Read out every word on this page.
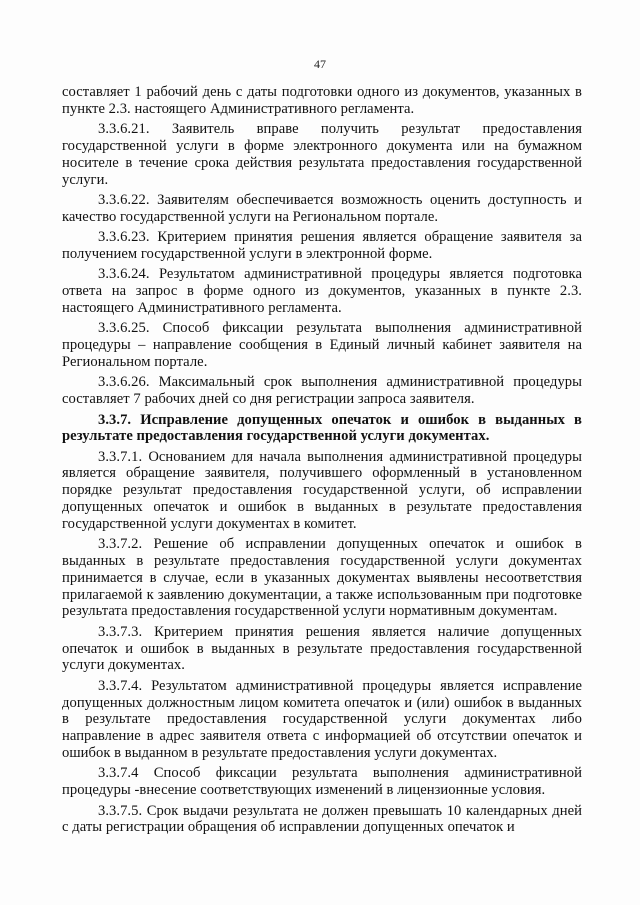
47

составляет 1 рабочий день с даты подготовки одного из документов, указанных в пункте 2.3. настоящего Административного регламента.

3.3.6.21. Заявитель вправе получить результат предоставления государственной услуги в форме электронного документа или на бумажном носителе в течение срока действия результата предоставления государственной услуги.

3.3.6.22. Заявителям обеспечивается возможность оценить доступность и качество государственной услуги на Региональном портале.

3.3.6.23. Критерием принятия решения является обращение заявителя за получением государственной услуги в электронной форме.

3.3.6.24. Результатом административной процедуры является подготовка ответа на запрос в форме одного из документов, указанных в пункте 2.3. настоящего Административного регламента.

3.3.6.25. Способ фиксации результата выполнения административной процедуры – направление сообщения в Единый личный кабинет заявителя на Региональном портале.

3.3.6.26. Максимальный срок выполнения административной процедуры составляет 7 рабочих дней со дня регистрации запроса заявителя.

3.3.7. Исправление допущенных опечаток и ошибок в выданных в результате предоставления государственной услуги документах.

3.3.7.1. Основанием для начала выполнения административной процедуры является обращение заявителя, получившего оформленный в установленном порядке результат предоставления государственной услуги, об исправлении допущенных опечаток и ошибок в выданных в результате предоставления государственной услуги документах в комитет.

3.3.7.2. Решение об исправлении допущенных опечаток и ошибок в выданных в результате предоставления государственной услуги документах принимается в случае, если в указанных документах выявлены несоответствия прилагаемой к заявлению документации, а также использованным при подготовке результата предоставления государственной услуги нормативным документам.

3.3.7.3. Критерием принятия решения является наличие допущенных опечаток и ошибок в выданных в результате предоставления государственной услуги документах.

3.3.7.4. Результатом административной процедуры является исправление допущенных должностным лицом комитета опечаток и (или) ошибок в выданных в результате предоставления государственной услуги документах либо направление в адрес заявителя ответа с информацией об отсутствии опечаток и ошибок в выданном в результате предоставления услуги документах.

3.3.7.4 Способ фиксации результата выполнения административной процедуры -внесение соответствующих изменений в лицензионные условия.

3.3.7.5. Срок выдачи результата не должен превышать 10 календарных дней с даты регистрации обращения об исправлении допущенных опечаток и
